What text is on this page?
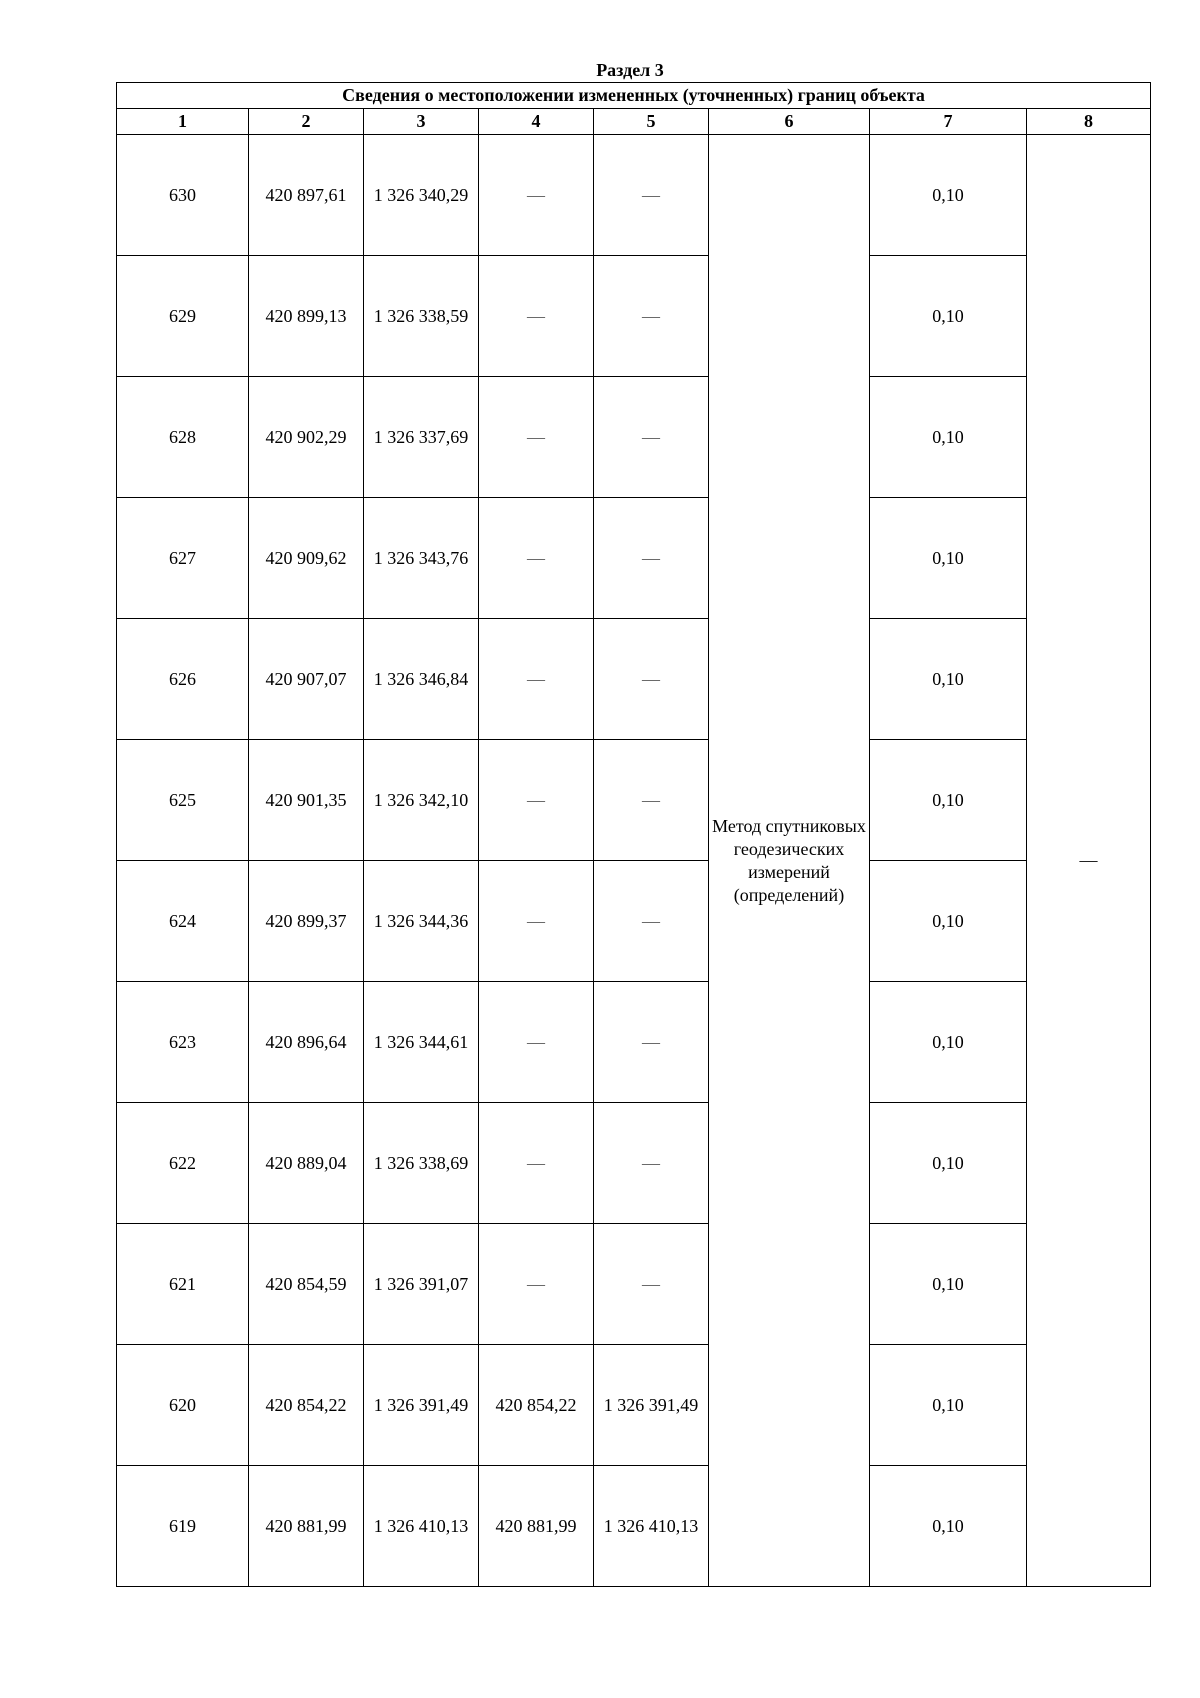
Раздел 3
Сведения о местоположении измененных (уточненных) границ объекта							
1	2	3	4	5	6	7	8
630	420 897,61	1 326 340,29	—	—	Метод спутниковых геодезических измерений (определений)	0,10	—
629	420 899,13	1 326 338,59	—	—		0,10	
628	420 902,29	1 326 337,69	—	—		0,10	
627	420 909,62	1 326 343,76	—	—		0,10	
626	420 907,07	1 326 346,84	—	—		0,10	
625	420 901,35	1 326 342,10	—	—		0,10	
624	420 899,37	1 326 344,36	—	—		0,10	
623	420 896,64	1 326 344,61	—	—		0,10	
622	420 889,04	1 326 338,69	—	—		0,10	
621	420 854,59	1 326 391,07	—	—		0,10	
620	420 854,22	1 326 391,49	420 854,22	1 326 391,49		0,10	
619	420 881,99	1 326 410,13	420 881,99	1 326 410,13		0,10	
